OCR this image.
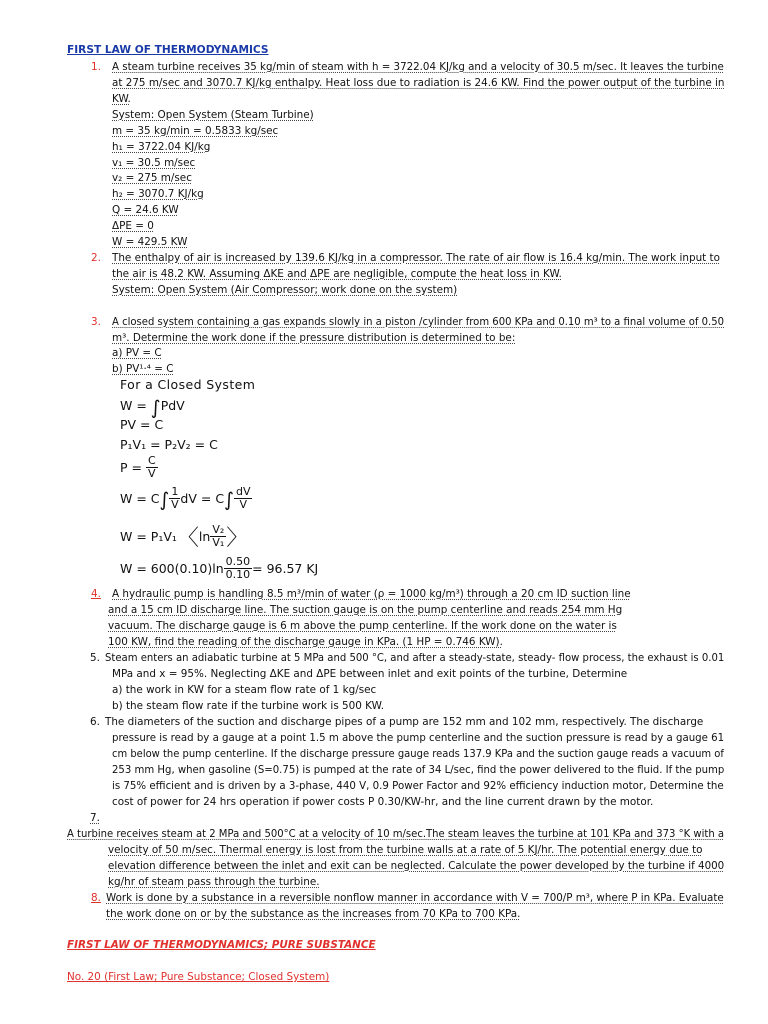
FIRST LAW OF THERMODYNAMICS
1. A steam turbine receives 35 kg/min of steam with h = 3722.04 KJ/kg and a velocity of 30.5 m/sec. It leaves the turbine
at 275 m/sec and 3070.7 KJ/kg enthalpy. Heat loss due to radiation is 24.6 KW. Find the power output of the turbine in
KW.
System: Open System (Steam Turbine)
m = 35 kg/min = 0.5833 kg/sec
h₁ = 3722.04 KJ/kg
v₁ = 30.5 m/sec
v₂ = 275 m/sec
h₂ = 3070.7 KJ/kg
Q = 24.6 KW
ΔPE = 0
W = 429.5 KW
2. The enthalpy of air is increased by 139.6 KJ/kg in a compressor. The rate of air flow is 16.4 kg/min. The work input to
the air is 48.2 KW. Assuming ΔKE and ΔPE are negligible, compute the heat loss in KW.
System: Open System (Air Compressor; work done on the system)
3. A closed system containing a gas expands slowly in a piston /cylinder from 600 KPa and 0.10 m³ to a final volume of 0.50
m³. Determine the work done if the pressure distribution is determined to be:
a) PV = C
b) PV¹·⁴ = C
For a Closed System
W = ∫PdV
PV = C
P₁V₁ = P₂V₂ = C
$P = \frac{C}{V}$
$W = C\int \frac{1}{V}$ dV = $C\int \frac{dV}{V}$
W = P₁V₁〈ln $\frac{\text{V₂}}{\text{V₁}}$ 〉
$W = 600(0.10)\ln \frac{0.50}{0.10} = 96.57$ KJ
4. A hydraulic pump is handling 8.5 m³/min of water (ρ = 1000 kg/m³) through a 20 cm ID suction line
and a 15 cm ID discharge line. The suction gauge is on the pump centerline and reads 254 mm Hg
vacuum. The discharge gauge is 6 m above the pump centerline. If the work done on the water is
100 KW, find the reading of the discharge gauge in KPa. (1 HP = 0.746 KW).
5. Steam enters an adiabatic turbine at 5 MPa and 500 °C, and after a steady-state, steady- flow process, the exhaust is 0.01
MPa and x = 95%. Neglecting ΔKE and ΔPE between inlet and exit points of the turbine, Determine
a) the work in KW for a steam flow rate of 1 kg/sec
b) the steam flow rate if the turbine work is 500 KW.
6. The diameters of the suction and discharge pipes of a pump are 152 mm and 102 mm, respectively. The discharge
pressure is read by a gauge at a point 1.5 m above the pump centerline and the suction pressure is read by a gauge 61
cm below the pump centerline. If the discharge pressure gauge reads 137.9 KPa and the suction gauge reads a vacuum of
253 mm Hg, when gasoline (S=0.75) is pumped at the rate of 34 L/sec, find the power delivered to the fluid. If the pump
is 75% efficient and is driven by a 3-phase, 440 V, 0.9 Power Factor and 92% efficiency induction motor, Determine the
cost of power for 24 hrs operation if power costs P 0.30/KW-hr, and the line current drawn by the motor.
7.
A turbine receives steam at 2 MPa and 500°C at a velocity of 10 m/sec.The steam leaves the turbine at 101 KPa and 373 °K with a
velocity of 50 m/sec. Thermal energy is lost from the turbine walls at a rate of 5 KJ/hr. The potential energy due to
elevation difference between the inlet and exit can be neglected. Calculate the power developed by the turbine if 4000
kg/hr of steam pass through the turbine.
8. Work is done by a substance in a reversible nonflow manner in accordance with V = 700/P m³, where P in KPa. Evaluate
the work done on or by the substance as the increases from 70 KPa to 700 KPa.
FIRST LAW OF THERMODYNAMICS; PURE SUBSTANCE
No. 20 (First Law; Pure Substance; Closed System)
